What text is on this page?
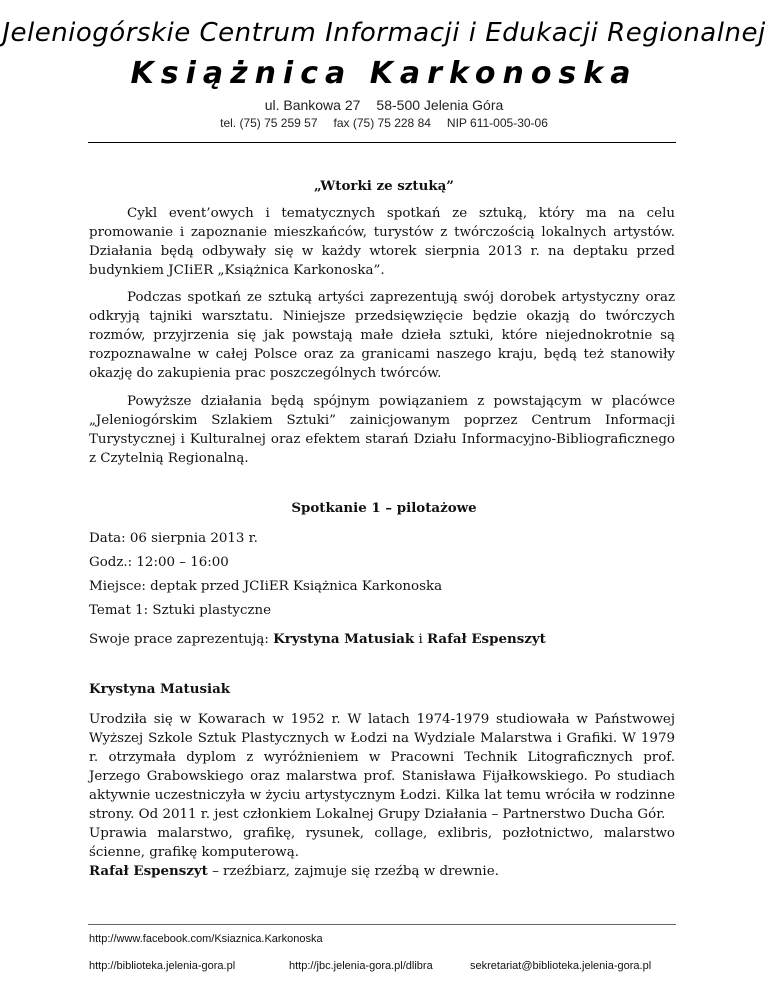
Jeleniogórskie Centrum Informacji i Edukacji Regionalnej
Książnica Karkonoska
ul. Bankowa 27 58-500 Jelenia Góra
tel. (75) 75 259 57 fax (75) 75 228 84 NIP 611-005-30-06
„Wtorki ze sztuką”

Cykl event’owych i tematycznych spotkań ze sztuką, który ma na celu promowanie i zapoznanie mieszkańców, turystów z twórczością lokalnych artystów. Działania będą odbywały się w każdy wtorek sierpnia 2013 r. na deptaku przed budynkiem JCIiER „Książnica Karkonoska”.

Podczas spotkań ze sztuką artyści zaprezentują swój dorobek artystyczny oraz odkryją tajniki warsztatu. Niniejsze przedsięwzięcie będzie okazją do twórczych rozmów, przyjrzenia się jak powstają małe dzieła sztuki, które niejednokrotnie są rozpoznawalne w całej Polsce oraz za granicami naszego kraju, będą też stanowiły okazję do zakupienia prac poszczególnych twórców.

Powyższe działania będą spójnym powiązaniem z powstającym w placówce „Jeleniogórskim Szlakiem Sztuki” zainicjowanym poprzez Centrum Informacji Turystycznej i Kulturalnej oraz efektem starań Działu Informacyjno-Bibliograficznego z Czytelnią Regionalną.

Spotkanie 1 – pilotażowe

Data: 06 sierpnia 2013 r.

Godz.: 12:00 – 16:00

Miejsce: deptak przed JCIiER Książnica Karkonoska

Temat 1: Sztuki plastyczne

Swoje prace zaprezentują: Krystyna Matusiak i Rafał Espenszyt
Krystyna Matusiak

Urodziła się w Kowarach w 1952 r. W latach 1974-1979 studiowała w Państwowej Wyższej Szkole Sztuk Plastycznych w Łodzi na Wydziale Malarstwa i Grafiki. W 1979 r. otrzymała dyplom z wyróżnieniem w Pracowni Technik Litograficznych prof. Jerzego Grabowskiego oraz malarstwa prof. Stanisława Fijałkowskiego. Po studiach aktywnie uczestniczyła w życiu artystycznym Łodzi. Kilka lat temu wróciła w rodzinne strony. Od 2011 r. jest członkiem Lokalnej Grupy Działania – Partnerstwo Ducha Gór.

Uprawia malarstwo, grafikę, rysunek, collage, exlibris, pozłotnictwo, malarstwo ścienne, grafikę komputerową.

Rafał Espenszyt – rzeźbiarz, zajmuje się rzeźbą w drewnie.
http://www.facebook.com/Ksiaznica.Karkonoska
http://biblioteka.jelenia-gora.pl	http://jbc.jelenia-gora.pl/dlibra	sekretariat@biblioteka.jelenia-gora.pl
